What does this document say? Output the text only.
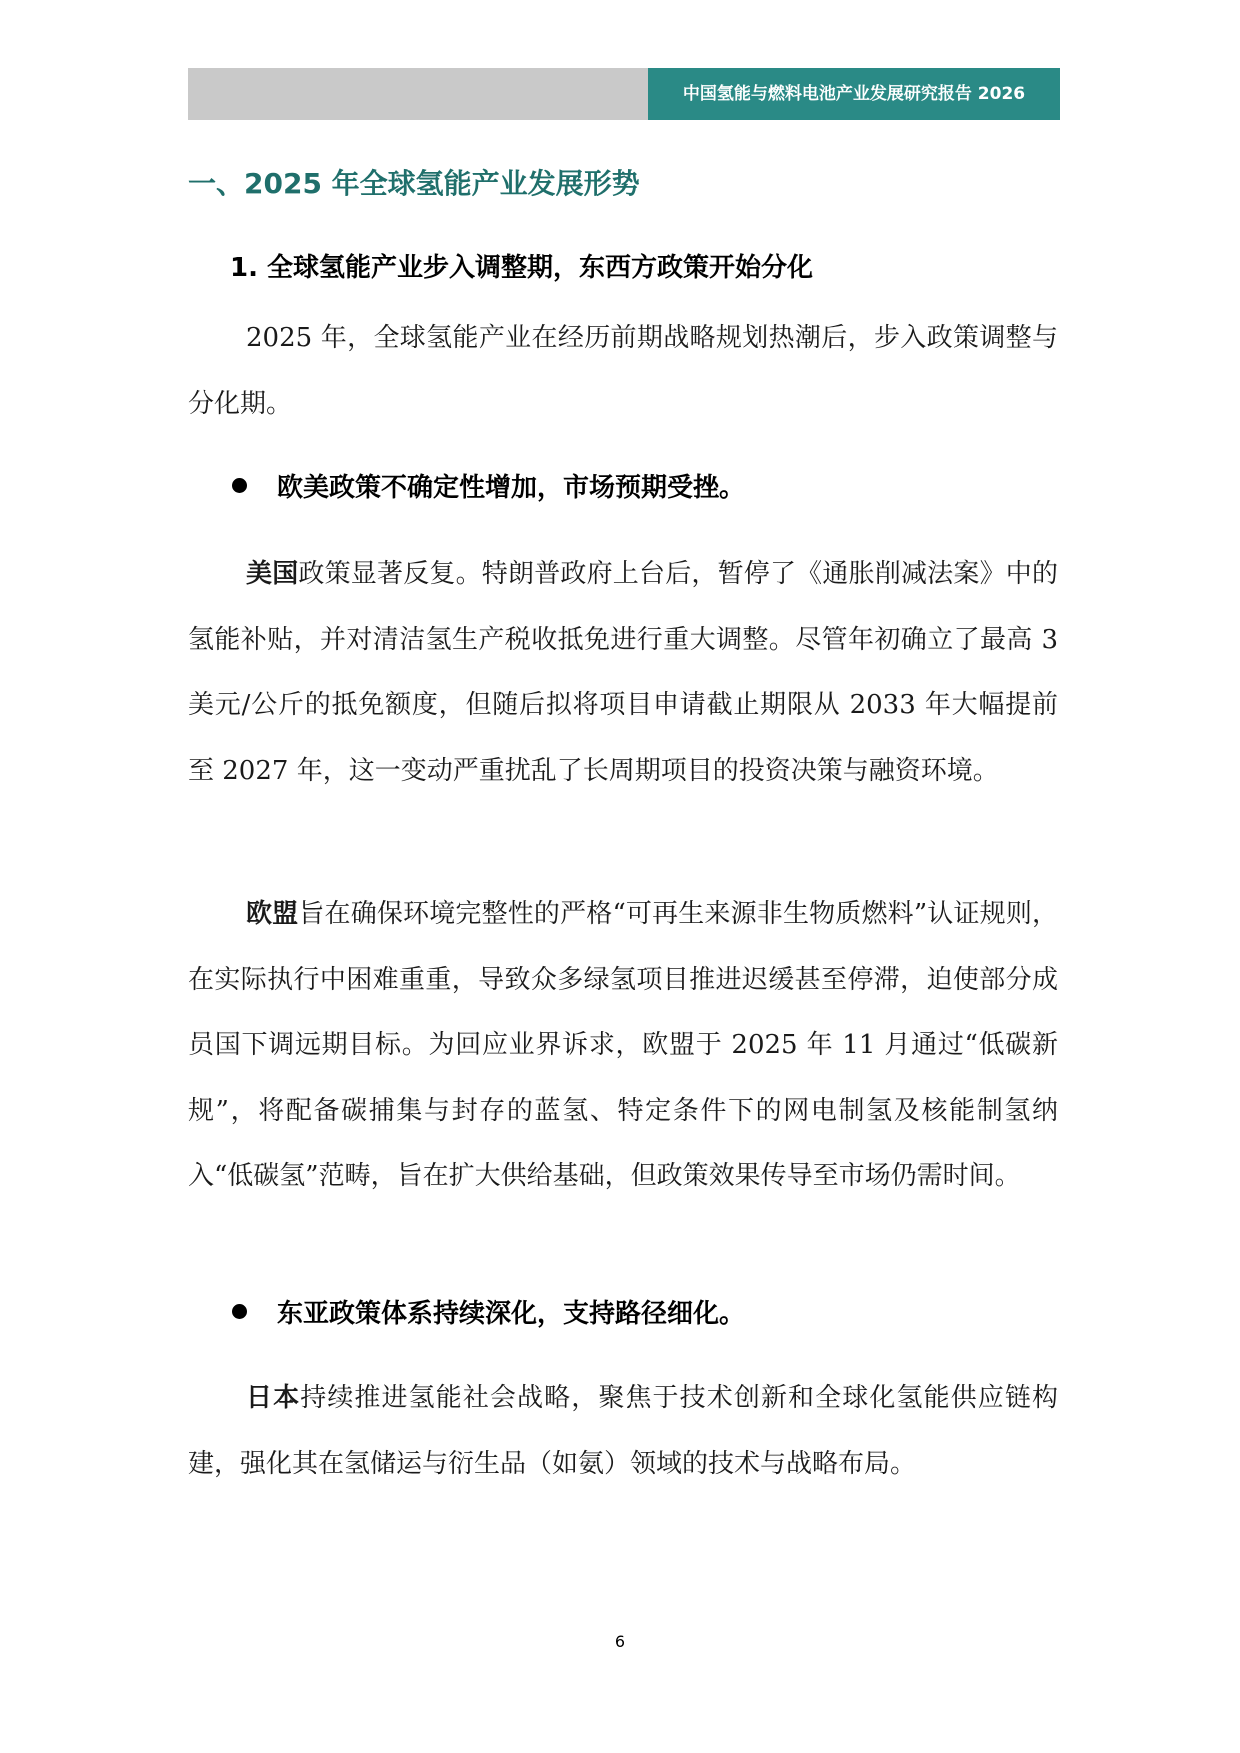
中国氢能与燃料电池产业发展研究报告 2026
一、2025 年全球氢能产业发展形势
1. 全球氢能产业步入调整期，东西方政策开始分化

2025 年，全球氢能产业在经历前期战略规划热潮后，步入政策调整与分化期。

欧美政策不确定性增加，市场预期受挫。

美国政策显著反复。特朗普政府上台后，暂停了《通胀削减法案》中的氢能补贴，并对清洁氢生产税收抵免进行重大调整。尽管年初确立了最高 3 美元/公斤的抵免额度，但随后拟将项目申请截止期限从 2033 年大幅提前至 2027 年，这一变动严重扰乱了长周期项目的投资决策与融资环境。

欧盟旨在确保环境完整性的严格“可再生来源非生物质燃料”认证规则，在实际执行中困难重重，导致众多绿氢项目推进迟缓甚至停滞，迫使部分成员国下调远期目标。为回应业界诉求，欧盟于 2025 年 11 月通过“低碳新规”，将配备碳捕集与封存的蓝氢、特定条件下的网电制氢及核能制氢纳入“低碳氢”范畴，旨在扩大供给基础，但政策效果传导至市场仍需时间。

东亚政策体系持续深化，支持路径细化。

日本持续推进氢能社会战略，聚焦于技术创新和全球化氢能供应链构建，强化其在氢储运与衍生品（如氨）领域的技术与战略布局。

6
